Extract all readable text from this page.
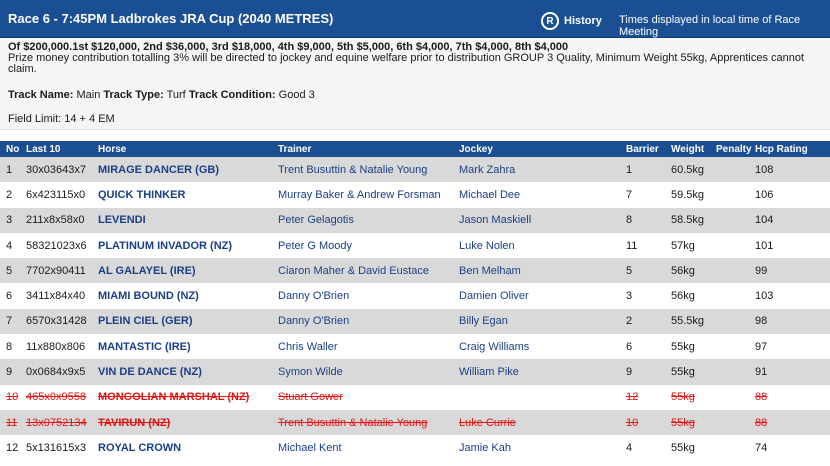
Race 6 - 7:45PM Ladbrokes JRA Cup (2040 METRES)	R History Times displayed in local time of Race Meeting
Of $200,000.1st $120,000, 2nd $36,000, 3rd $18,000, 4th $9,000, 5th $5,000, 6th $4,000, 7th $4,000, 8th $4,000
Prize money contribution totalling 3% will be directed to jockey and equine welfare prior to distribution GROUP 3 Quality, Minimum Weight 55kg, Apprentices cannot claim.
Track Name: Main Track Type: Turf Track Condition: Good 3
Field Limit: 14 + 4 EM
No	Last 10	Horse	Trainer	Jockey	Barrier	Weight	Penalty	Hcp Rating
1	30x03643x7	MIRAGE DANCER (GB)	Trent Busuttin & Natalie Young	Mark Zahra	1	60.5kg		108
2	6x423115x0	QUICK THINKER	Murray Baker & Andrew Forsman	Michael Dee	7	59.5kg		106
3	211x8x58x0	LEVENDI	Peter Gelagotis	Jason Maskiell	8	58.5kg		104
4	58321023x6	PLATINUM INVADOR (NZ)	Peter G Moody	Luke Nolen	11	57kg		101
5	7702x90411	AL GALAYEL (IRE)	Ciaron Maher & David Eustace	Ben Melham	5	56kg		99
6	3411x84x40	MIAMI BOUND (NZ)	Danny O'Brien	Damien Oliver	3	56kg		103
7	6570x31428	PLEIN CIEL (GER)	Danny O'Brien	Billy Egan	2	55.5kg		98
8	11x880x806	MANTASTIC (IRE)	Chris Waller	Craig Williams	6	55kg		97
9	0x0684x9x5	VIN DE DANCE (NZ)	Symon Wilde	William Pike	9	55kg		91
10	465x0x9558	MONGOLIAN MARSHAL (NZ)	Stuart Gower		12	55kg		88
11	13x0752134	TAVIRUN (NZ)	Trent Busuttin & Natalie Young	Luke Currie	10	55kg		88
12	5x131615x3	ROYAL CROWN	Michael Kent	Jamie Kah	4	55kg		74
